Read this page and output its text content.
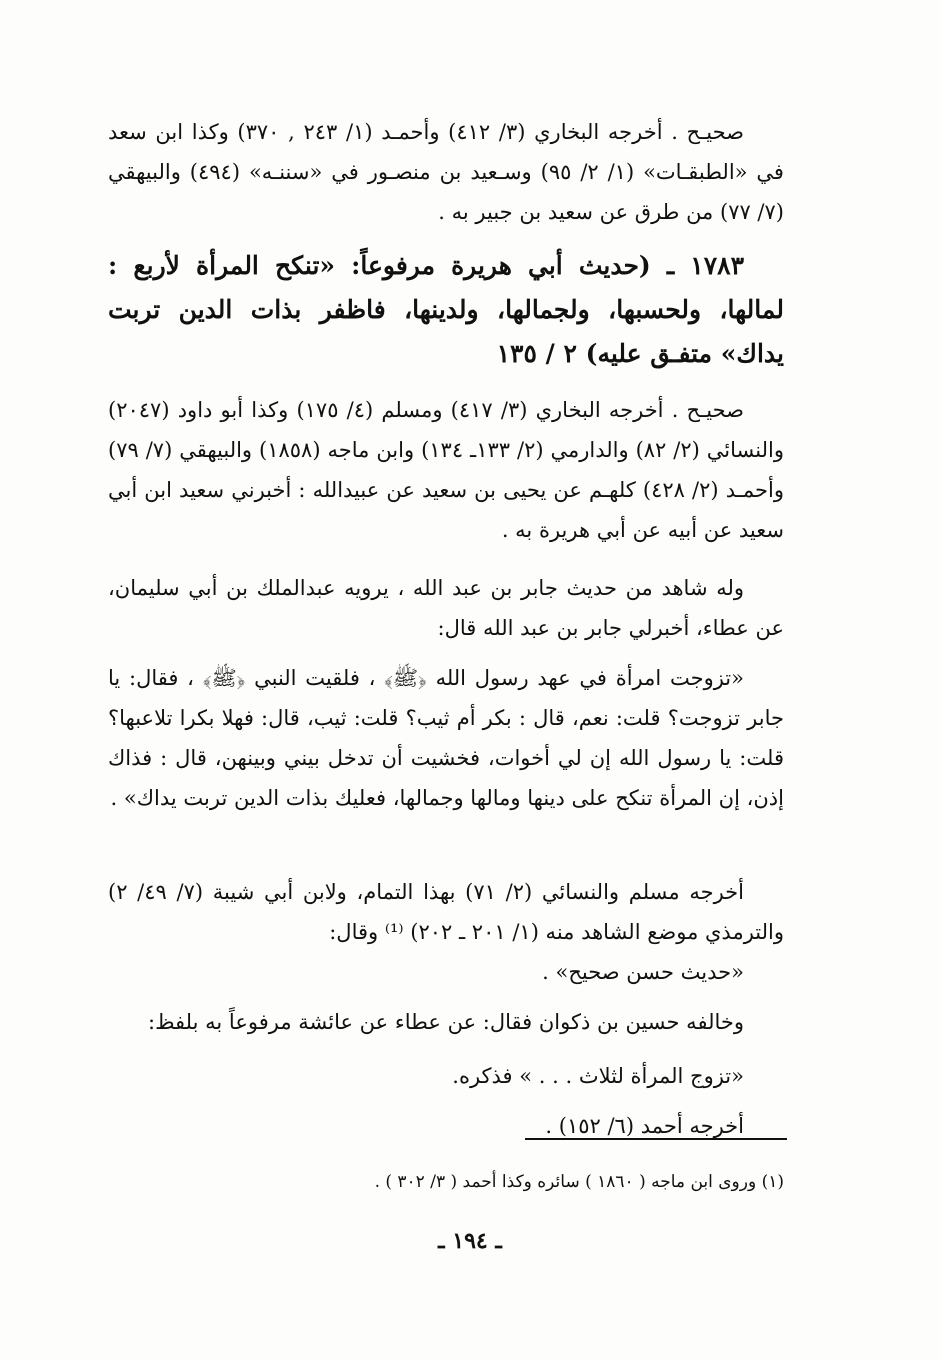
صحيـح . أخرجه البخاري (٣/ ٤١٢) وأحمـد (١/ ٢٤٣ , ٣٧٠) وكذا ابن سعد في «الطبقـات» (١/ ٢/ ٩٥) وسـعيد بن منصـور في «سننـه» (٤٩٤) والبيهقي (٧/ ٧٧) من طرق عن سعيد بن جبير به .

١٧٨٣ ـ (حديث أبي هريرة مرفوعاً: «تنكح المرأة لأربع : لمالها، ولحسبها، ولجمالها، ولدينها، فاظفر بذات الدين تربت يداك» متفـق عليه) ٢ / ١٣٥

صحيـح . أخرجه البخاري (٣/ ٤١٧) ومسلم (٤/ ١٧٥) وكذا أبو داود (٢٠٤٧) والنسائي (٢/ ٨٢) والدارمي (٢/ ١٣٣ـ ١٣٤) وابن ماجه (١٨٥٨) والبيهقي (٧/ ٧٩) وأحمـد (٢/ ٤٢٨) كلهـم عن يحيى بن سعيد عن عبيدالله : أخبرني سعيد ابن أبي سعيد عن أبيه عن أبي هريرة به .

وله شاهد من حديث جابر بن عبد الله ، يرويه عبدالملك بن أبي سليمان، عن عطاء، أخبرلي جابر بن عبد الله قال:

«تزوجت امرأة في عهد رسول الله ﴿ﷺ﴾ ، فلقيت النبي ﴿ﷺ﴾ ، فقال: يا جابر تزوجت؟ قلت: نعم، قال : بكر أم ثيب؟ قلت: ثيب، قال: فهلا بكرا تلاعبها؟ قلت: يا رسول الله إن لي أخوات، فخشيت أن تدخل بيني وبينهن، قال : فذاك إذن، إن المرأة تنكح على دينها ومالها وجمالها، فعليك بذات الدين تربت يداك» .

أخرجه مسلم والنسائي (٢/ ٧١) بهذا التمام، ولابن أبي شيبة (٧/ ٤٩/ ٢) والترمذي موضع الشاهد منه (١/ ٢٠١ ـ ٢٠٢) ⁽¹⁾ وقال:

«حديث حسن صحيح» .

وخالفه حسين بن ذكوان فقال: عن عطاء عن عائشة مرفوعاً به بلفظ:

«تزوج المرأة لثلاث . . . » فذكره.

أخرجه أحمد (٦/ ١٥٢) .

(١) وروى ابن ماجه ( ١٨٦٠ ) سائره وكذا أحمد ( ٣/ ٣٠٢ ) .

ـ ١٩٤ ـ
